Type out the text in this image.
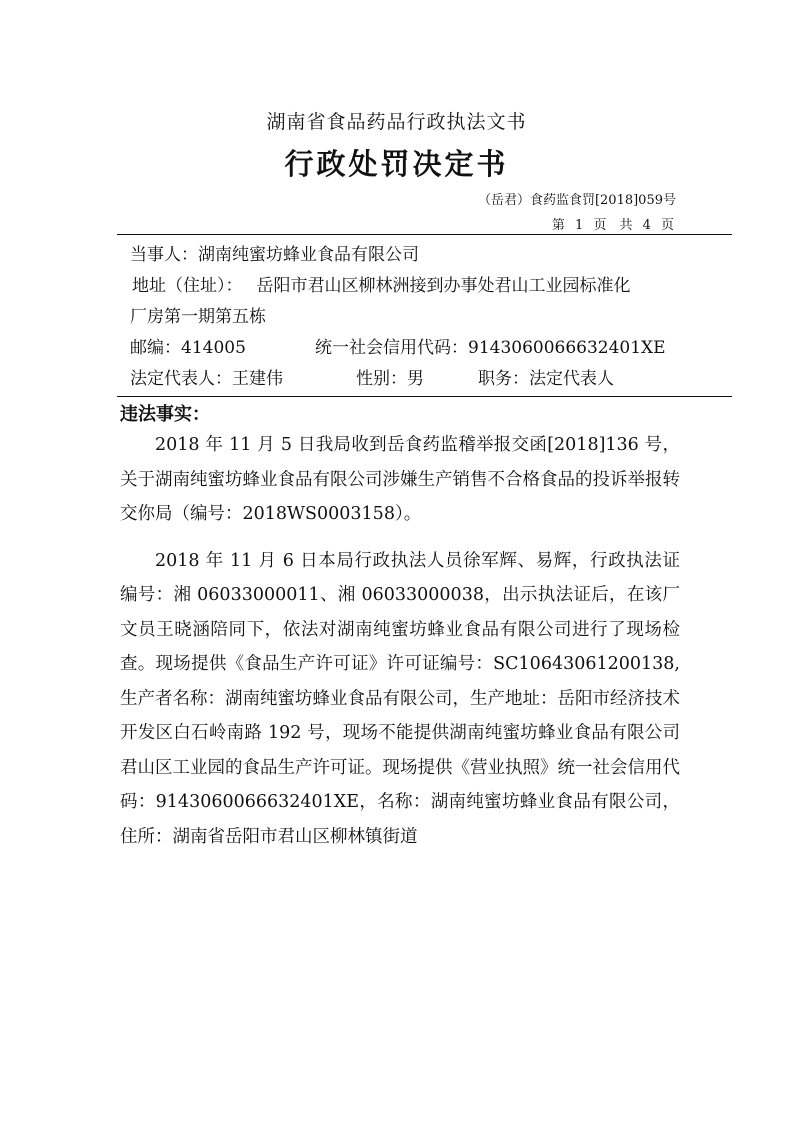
湖南省食品药品行政执法文书
行政处罚决定书
（岳君）食药监食罚[2018]059号
第 1 页　共 4 页
当事人：湖南纯蜜坊蜂业食品有限公司
地址（住址）： 岳阳市君山区柳林洲接到办事处君山工业园标准化
厂房第一期第五栋
邮编：414005	统一社会信用代码：9143060066632401XE
法定代表人：王建伟	性别：男	职务：法定代表人
违法事实：

2018 年 11 月 5 日我局收到岳食药监稽举报交函[2018]136 号，关于湖南纯蜜坊蜂业食品有限公司涉嫌生产销售不合格食品的投诉举报转交你局（编号：2018WS0003158）。

2018 年 11 月 6 日本局行政执法人员徐军辉、易辉，行政执法证编号：湘 06033000011、湘 06033000038，出示执法证后，在该厂文员王晓涵陪同下，依法对湖南纯蜜坊蜂业食品有限公司进行了现场检查。现场提供《食品生产许可证》许可证编号：SC10643061200138,生产者名称：湖南纯蜜坊蜂业食品有限公司，生产地址：岳阳市经济技术开发区白石岭南路 192 号，现场不能提供湖南纯蜜坊蜂业食品有限公司君山区工业园的食品生产许可证。现场提供《营业执照》统一社会信用代码：9143060066632401XE，名称：湖南纯蜜坊蜂业食品有限公司，住所：湖南省岳阳市君山区柳林镇街道
